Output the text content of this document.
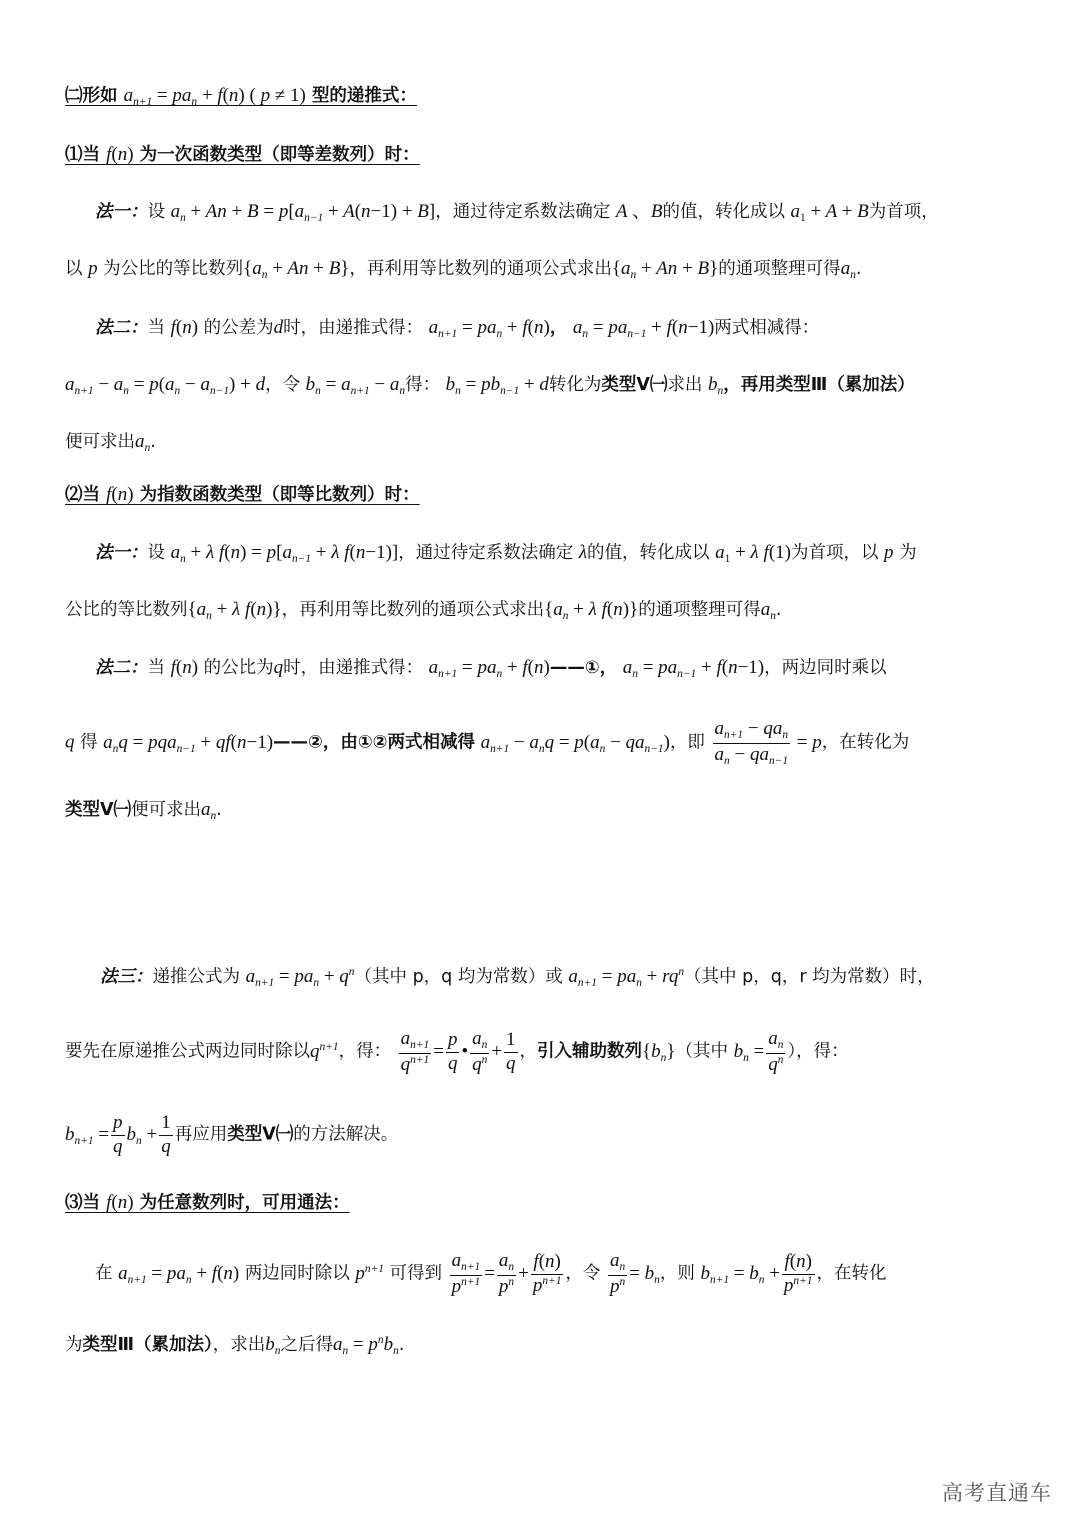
㈡形如 $a_{n+1} = pa_n + f(n)$ ( p ≠ 1) 型的递推式：
⑴当 f(n) 为一次函数类型（即等差数列）时：
法一：设 $a_n + An + B = p[a_{n-1} + A(n-1) + B]$，通过待定系数法确定 A 、B的值，转化成以 $a_1 + A + B$为首项，
以 p 为公比的等比数列$\{a_n + An + B\}$，再利用等比数列的通项公式求出$\{a_n + An + B\}$的通项整理可得$a_n$.
法二：当 f(n) 的公差为d时，由递推式得： $a_{n+1} = pa_n + f(n)$， $a_n = pa_{n-1} + f(n-1)$两式相减得：
$a_{n+1} - a_n = p(a_n - a_{n-1}) + d$，令 $b_n = a_{n+1} - a_n$得： $b_n = pb_{n-1} + d$转化为类型Ⅴ㈠求出 $b_n$，再用类型Ⅲ（累加法）
便可求出$a_n$.
⑵当 f(n) 为指数函数类型（即等比数列）时：
法一：设 $a_n + \lambda$ $f(n) = p[a_{n-1} + \lambda$ f(n−1)]，通过待定系数法确定 λ的值，转化成以 $a_1 + \lambda$ f(1)为首项，以 p 为
公比的等比数列{$a_n + \lambda$ f(n)}，再利用等比数列的通项公式求出{$a_n + \lambda$ f(n)}的通项整理可得$a_n$.
法二：当 f(n) 的公比为q时，由递推式得： $a_{n+1} = pa_n$ + f(n)——①， $a_n = pa_{n-1} + f(n-1)$，两边同时乘以
q 得 $a_nq = pqa_{n-1}$ + qf(n−1)——②，由①②两式相减得 $a_{n+1} - a_nq = p(a_n - qa_{n-1})$，即 $\frac{a_{n+1} - qa_n}{a_n - qa_{n-1}} = p$，在转化为
类型Ⅴ㈠便可求出$a_n$.
法三：递推公式为 $a_{n+1} = pa_n + q^n$（其中 p，q 均为常数）或 $a_{n+1} = pa_n + rq^n$（其中 p，q，r 均为常数）时，
要先在原递推公式两边同时除以$q^{n+1}$，得： $\frac{a_{n+1}}{q^{n+1}} = \frac{p}{q}$ • $\frac{a_n}{q^n} + \frac{1}{q}$ ，引入辅助数列$\{b_n\}$（其中 $b_n = \frac{a_n}{q^n}$ ），得：
$b_{n+1} = \frac{p}{q} b_n + \frac{1}{q}$ 再应用类型Ⅴ㈠的方法解决。
⑶当 f(n) 为任意数列时，可用通法：
在 $a_{n+1} = pa_n + f(n)$ 两边同时除以 $p^{n+1}$ 可得到 $\frac{a_{n+1}}{p^{n+1}} = \frac{a_n}{p^n} + \frac{f(n)}{p^{n+1}}$ ，令 $\frac{a_n}{p^n} = b_n$，则 $b_{n+1} = b_n + \frac{f(n)}{p^{n+1}}$ ，在转化
为类型Ⅲ（累加法），求出$b_n$之后得$a_n = p^nb_n$.
高考直通车
